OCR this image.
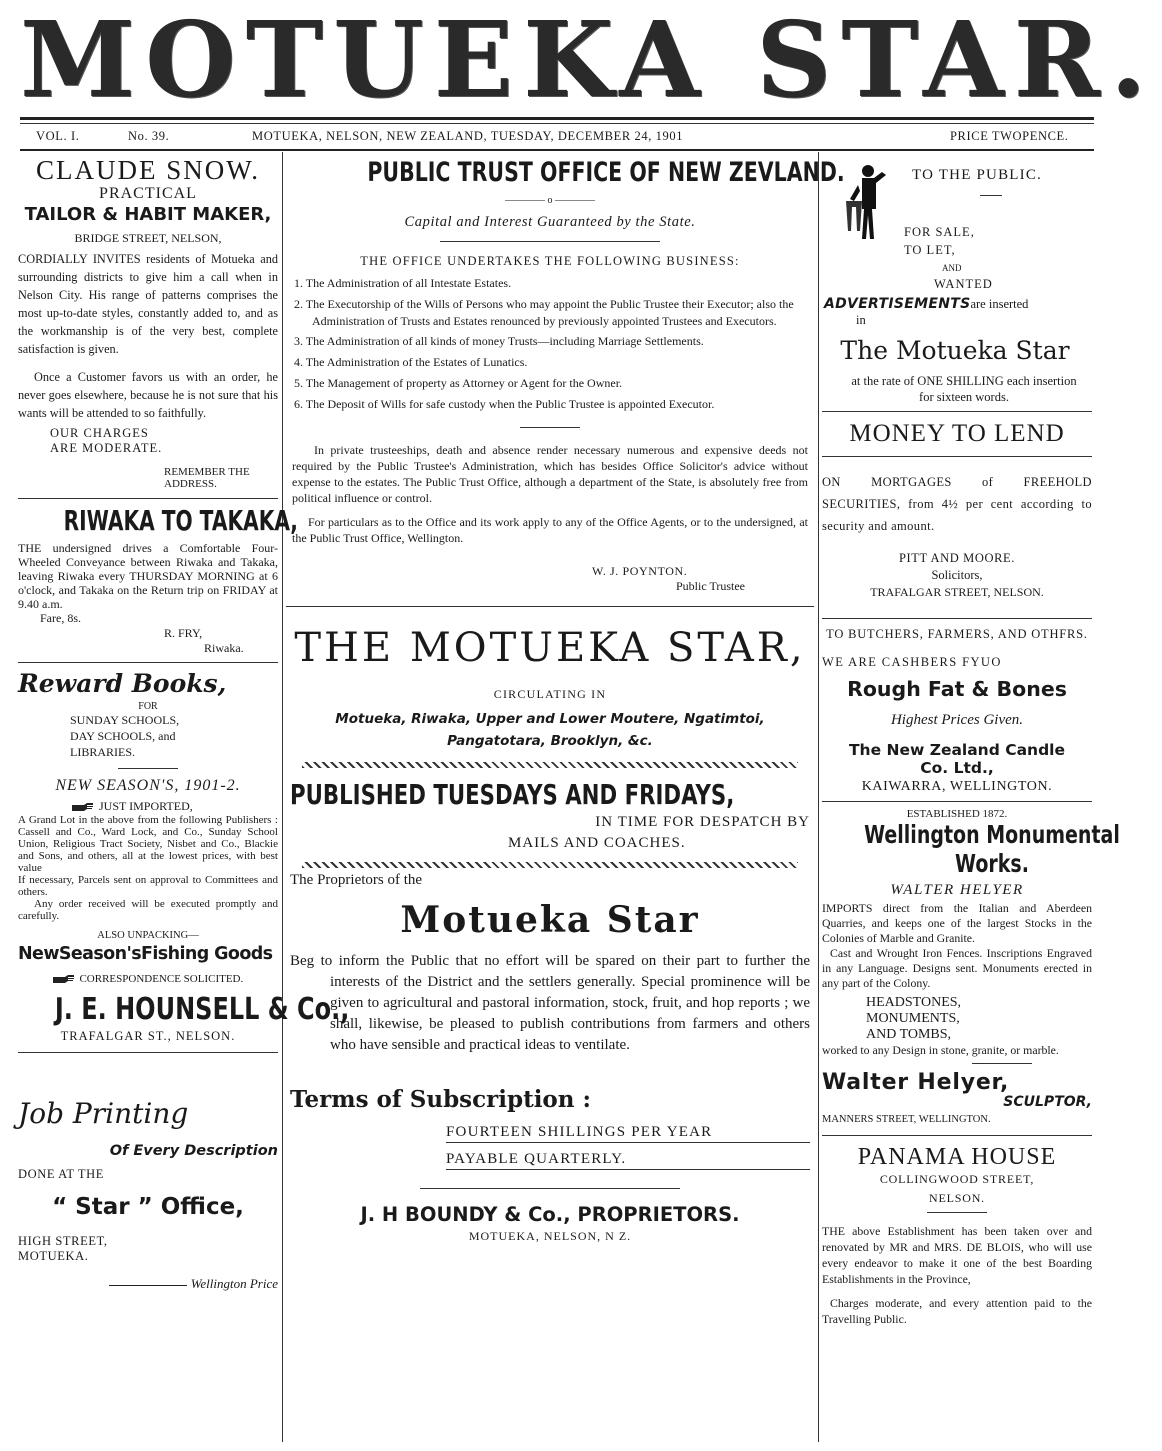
MOTUEKA STAR.
VOL. I.	No. 39.	MOTUEKA, NELSON, NEW ZEALAND, TUESDAY, DECEMBER 24, 1901	PRICE TWOPENCE.
CLAUDE SNOW.
PRACTICAL
TAILOR & HABIT MAKER,
BRIDGE STREET, NELSON,

CORDIALLY INVITES residents of Motueka and surrounding districts to give him a call when in Nelson City. His range of patterns comprises the most up-to-date styles, constantly added to, and as the workmanship is of the very best, complete satisfaction is given.

Once a Customer favors us with an order, he never goes elsewhere, because he is not sure that his wants will be attended to so faithfully.

OUR CHARGES
ARE MODERATE.
REMEMBER THE
ADDRESS.
RIWAKA TO TAKAKA,

THE undersigned drives a Comfortable Four-Wheeled Conveyance between Riwaka and Takaka, leaving Riwaka every THURSDAY MORNING at 6 o'clock, and Takaka on the Return trip on FRIDAY at 9.40 a.m.

Fare, 8s.
R. FRY,
Riwaka.
Reward Books,
FOR
SUNDAY SCHOOLS,
DAY SCHOOLS, and
LIBRARIES.
NEW SEASON'S, 1901-2.
JUST IMPORTED,

A Grand Lot in the above from the following Publishers : Cassell and Co., Ward Lock, and Co., Sunday School Union, Religious Tract Society, Nisbet and Co., Blackie and Sons, and others, all at the lowest prices, with best value

If necessary, Parcels sent on approval to Committees and others.

Any order received will be executed promptly and carefully.

ALSO UNPACKING—
NewSeason'sFishing Goods
CORRESPONDENCE SOLICITED.
J. E. HOUNSELL & Co.,
TRAFALGAR ST., NELSON.
Job Printing
Of Every Description
DONE AT THE
“ Star ” Office,
HIGH STREET,
MOTUEKA.
Wellington Price
PUBLIC TRUST OFFICE OF NEW ZEVLAND.
———— o ————
Capital and Interest Guaranteed by the State.
THE OFFICE UNDERTAKES THE FOLLOWING BUSINESS:
1. The Administration of all Intestate Estates.
2. The Executorship of the Wills of Persons who may appoint the Public Trustee their Executor; also the Administration of Trusts and Estates renounced by previously appointed Trustees and Executors.
3. The Administration of all kinds of money Trusts—including Marriage Settlements.
4. The Administration of the Estates of Lunatics.
5. The Management of property as Attorney or Agent for the Owner.
6. The Deposit of Wills for safe custody when the Public Trustee is appointed Executor.

In private trusteeships, death and absence render necessary numerous and expensive deeds not required by the Public Trustee's Administration, which has besides Office Solicitor's advice without expense to the estates. The Public Trust Office, although a department of the State, is absolutely free from political influence or control.

For particulars as to the Office and its work apply to any of the Office Agents, or to the undersigned, at the Public Trust Office, Wellington.

W. J. POYNTON.
Public Trustee
THE MOTUEKA STAR,
CIRCULATING IN
Motueka, Riwaka, Upper and Lower Moutere, Ngatimtoi, Pangatotara, Brooklyn, &c.
PUBLISHED TUESDAYS AND FRIDAYS,
IN TIME FOR DESPATCH BY
MAILS AND COACHES.
The Proprietors of the
Motueka Star

Beg to inform the Public that no effort will be spared on their part to further the interests of the District and the settlers generally. Special prominence will be given to agricultural and pastoral information, stock, fruit, and hop reports ; we shall, likewise, be pleased to publish contributions from farmers and others who have sensible and practical ideas to ventilate.

Terms of Subscription :
FOURTEEN SHILLINGS PER YEAR
PAYABLE QUARTERLY.
J. H BOUNDY & Co., PROPRIETORS.
MOTUEKA, NELSON, N Z.
TO THE PUBLIC.
FOR SALE,
TO LET,
AND
WANTED
ADVERTISEMENTSare inserted
in
The Motueka Star
at the rate of ONE SHILLING each insertion for sixteen words.
MONEY TO LEND

ON MORTGAGES of FREEHOLD SECURITIES, from 4½ per cent according to security and amount.

PITT AND MOORE.
Solicitors,
TRAFALGAR STREET, NELSON.
TO BUTCHERS, FARMERS, AND OTHFRS.
WE ARE CASHBERS FYUO
Rough Fat & Bones
Highest Prices Given.
The New Zealand Candle
Co. Ltd.,
KAIWARRA, WELLINGTON.
ESTABLISHED 1872.
Wellington Monumental Works.
WALTER HELYER

IMPORTS direct from the Italian and Aberdeen Quarries, and keeps one of the largest Stocks in the Colonies of Marble and Granite.

Cast and Wrought Iron Fences. Inscriptions Engraved in any Language. Designs sent. Monuments erected in any part of the Colony.

HEADSTONES,
MONUMENTS,
AND TOMBS,

worked to any Design in stone, granite, or marble.

Walter Helyer,
SCULPTOR,
MANNERS STREET, WELLINGTON.
PANAMA HOUSE
COLLINGWOOD STREET,
NELSON.

THE above Establishment has been taken over and renovated by MR and MRS. DE BLOIS, who will use every endeavor to make it one of the best Boarding Establishments in the Province,

Charges moderate, and every attention paid to the Travelling Public.
